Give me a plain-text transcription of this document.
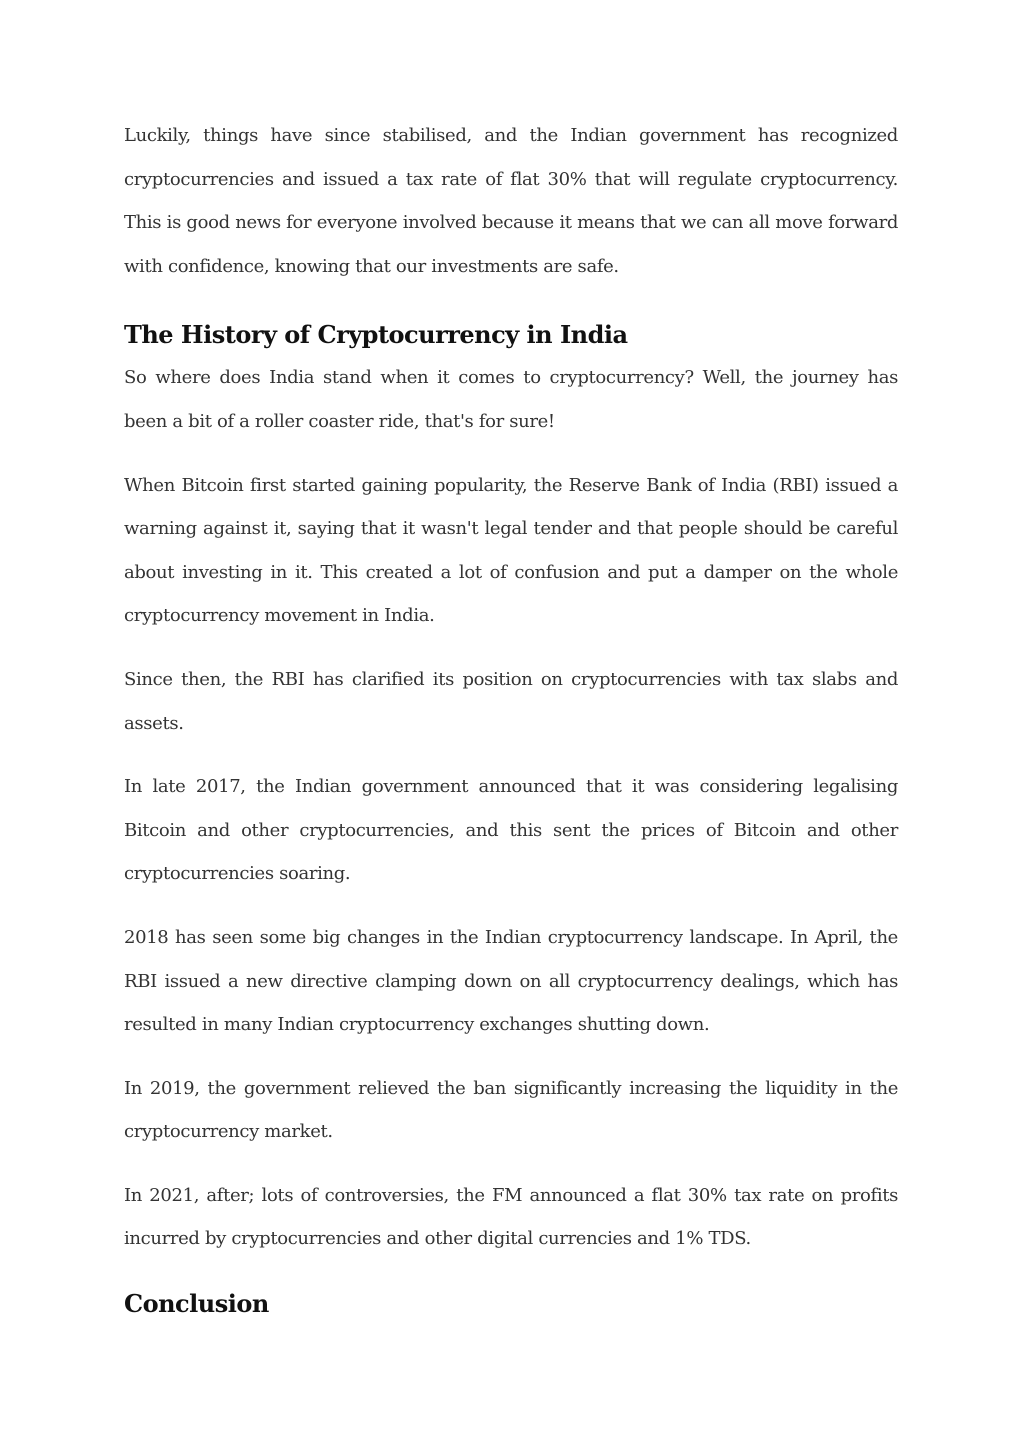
Luckily, things have since stabilised, and the Indian government has recognized cryptocurrencies and issued a tax rate of flat 30% that will regulate cryptocurrency. This is good news for everyone involved because it means that we can all move forward with confidence, knowing that our investments are safe.

The History of Cryptocurrency in India

So where does India stand when it comes to cryptocurrency? Well, the journey has been a bit of a roller coaster ride, that's for sure!

When Bitcoin first started gaining popularity, the Reserve Bank of India (RBI) issued a warning against it, saying that it wasn't legal tender and that people should be careful about investing in it. This created a lot of confusion and put a damper on the whole cryptocurrency movement in India.

Since then, the RBI has clarified its position on cryptocurrencies with tax slabs and assets.

In late 2017, the Indian government announced that it was considering legalising Bitcoin and other cryptocurrencies, and this sent the prices of Bitcoin and other cryptocurrencies soaring.

2018 has seen some big changes in the Indian cryptocurrency landscape. In April, the RBI issued a new directive clamping down on all cryptocurrency dealings, which has resulted in many Indian cryptocurrency exchanges shutting down.

In 2019, the government relieved the ban significantly increasing the liquidity in the cryptocurrency market.

In 2021, after; lots of controversies, the FM announced a flat 30% tax rate on profits incurred by cryptocurrencies and other digital currencies and 1% TDS.

Conclusion
